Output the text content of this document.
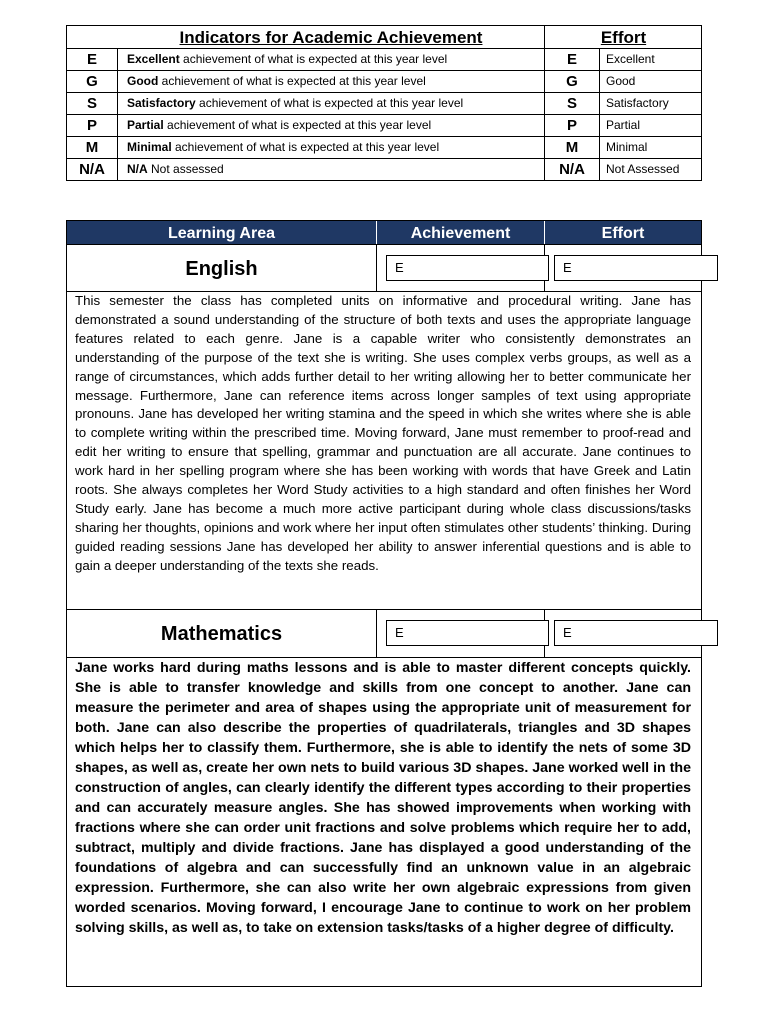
Indicators for Academic Achievement	Effort
E	Excellent achievement of what is expected at this year level	E	Excellent
G	Good achievement of what is expected at this year level	G	Good
S	Satisfactory achievement of what is expected at this year level	S	Satisfactory
P	Partial achievement of what is expected at this year level	P	Partial
M	Minimal achievement of what is expected at this year level	M	Minimal
N/A	N/A Not assessed	N/A	Not Assessed
Learning Area	Achievement	Effort
English	E	E
This semester the class has completed units on informative and procedural writing. Jane has demonstrated a sound understanding of the structure of both texts and uses the appropriate language features related to each genre. Jane is a capable writer who consistently demonstrates an understanding of the purpose of the text she is writing. She uses complex verbs groups, as well as a range of circumstances, which adds further detail to her writing allowing her to better communicate her message. Furthermore, Jane can reference items across longer samples of text using appropriate pronouns. Jane has developed her writing stamina and the speed in which she writes where she is able to complete writing within the prescribed time. Moving forward, Jane must remember to proof-read and edit her writing to ensure that spelling, grammar and punctuation are all accurate. Jane continues to work hard in her spelling program where she has been working with words that have Greek and Latin roots. She always completes her Word Study activities to a high standard and often finishes her Word Study early. Jane has become a much more active participant during whole class discussions/tasks sharing her thoughts, opinions and work where her input often stimulates other students’ thinking. During guided reading sessions Jane has developed her ability to answer inferential questions and is able to gain a deeper understanding of the texts she reads.
Mathematics	E	E
Jane works hard during maths lessons and is able to master different concepts quickly. She is able to transfer knowledge and skills from one concept to another. Jane can measure the perimeter and area of shapes using the appropriate unit of measurement for both. Jane can also describe the properties of quadrilaterals, triangles and 3D shapes which helps her to classify them. Furthermore, she is able to identify the nets of some 3D shapes, as well as, create her own nets to build various 3D shapes. Jane worked well in the construction of angles, can clearly identify the different types according to their properties and can accurately measure angles. She has showed improvements when working with fractions where she can order unit fractions and solve problems which require her to add, subtract, multiply and divide fractions. Jane has displayed a good understanding of the foundations of algebra and can successfully find an unknown value in an algebraic expression. Furthermore, she can also write her own algebraic expressions from given worded scenarios. Moving forward, I encourage Jane to continue to work on her problem solving skills, as well as, to take on extension tasks/tasks of a higher degree of difficulty.
